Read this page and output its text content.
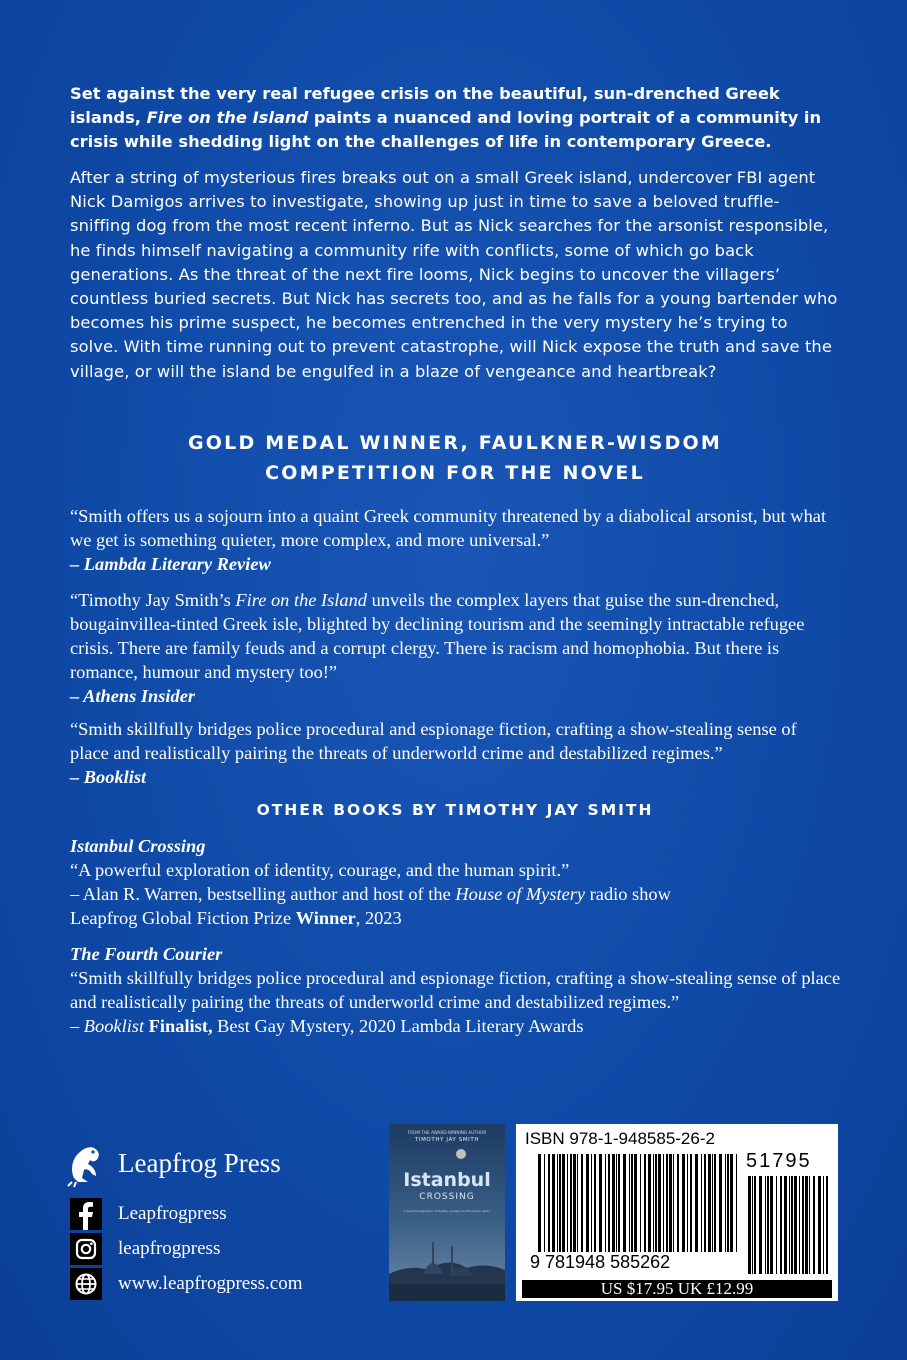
Set against the very real refugee crisis on the beautiful, sun-drenched Greek islands, Fire on the Island paints a nuanced and loving portrait of a community in crisis while shedding light on the challenges of life in contemporary Greece.
After a string of mysterious fires breaks out on a small Greek island, undercover FBI agent Nick Damigos arrives to investigate, showing up just in time to save a beloved truffle-sniffing dog from the most recent inferno. But as Nick searches for the arsonist responsible, he finds himself navigating a community rife with conflicts, some of which go back generations. As the threat of the next fire looms, Nick begins to uncover the villagers’ countless buried secrets. But Nick has secrets too, and as he falls for a young bartender who becomes his prime suspect, he becomes entrenched in the very mystery he’s trying to solve. With time running out to prevent catastrophe, will Nick expose the truth and save the village, or will the island be engulfed in a blaze of vengeance and heartbreak?
GOLD MEDAL WINNER, FAULKNER-WISDOM
COMPETITION FOR THE NOVEL
“Smith offers us a sojourn into a quaint Greek community threatened by a diabolical arsonist, but what we get is something quieter, more complex, and more universal.”
– Lambda Literary Review
“Timothy Jay Smith’s Fire on the Island unveils the complex layers that guise the sun-drenched, bougainvillea-tinted Greek isle, blighted by declining tourism and the seemingly intractable refugee crisis. There are family feuds and a corrupt clergy. There is racism and homophobia. But there is romance, humour and mystery too!”
– Athens Insider
“Smith skillfully bridges police procedural and espionage fiction, crafting a show-stealing sense of place and realistically pairing the threats of underworld crime and destabilized regimes.”
– Booklist
OTHER BOOKS BY TIMOTHY JAY SMITH
Istanbul Crossing
“A powerful exploration of identity, courage, and the human spirit.”
– Alan R. Warren, bestselling author and host of the House of Mystery radio show
Leapfrog Global Fiction Prize Winner, 2023
The Fourth Courier
“Smith skillfully bridges police procedural and espionage fiction, crafting a show-stealing sense of place and realistically pairing the threats of underworld crime and destabilized regimes.”
– Booklist Finalist, Best Gay Mystery, 2020 Lambda Literary Awards
Leapfrog Press
Leapfrogpress
leapfrogpress
www.leapfrogpress.com
FROM THE AWARD-WINNING AUTHOR
TIMOTHY JAY SMITH
Istanbul
CROSSING
“A powerful exploration of identity, courage, and the human spirit.”
ISBN 978-1-948585-26-2
51795
9 781948 585262
US $17.95 UK £12.99
